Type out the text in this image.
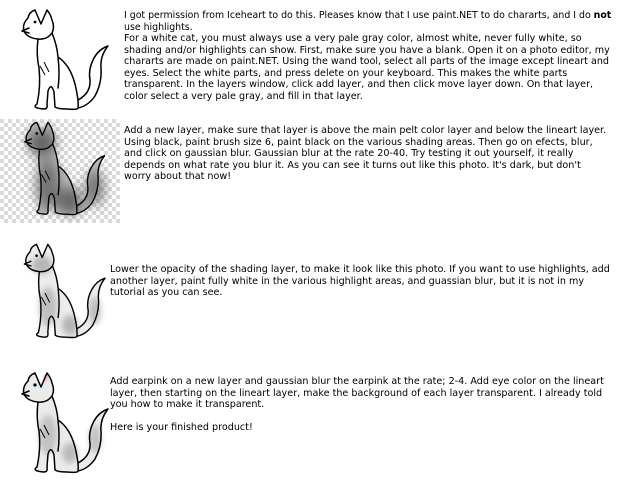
I got permission from Iceheart to do this. Pleases know that I use paint.NET to do chararts, and I do not use highlights.

For a white cat, you must always use a very pale gray color, almost white, never fully white, so shading and/or highlights can show. First, make sure you have a blank. Open it on a photo editor, my chararts are made on paint.NET. Using the wand tool, select all parts of the image except lineart and eyes. Select the white parts, and press delete on your keyboard. This makes the white parts transparent. In the layers window, click add layer, and then click move layer down. On that layer, color select a very pale gray, and fill in that layer.

Add a new layer, make sure that layer is above the main pelt color layer and below the lineart layer. Using black, paint brush size 6, paint black on the various shading areas. Then go on efects, blur, and click on gaussian blur. Gaussian blur at the rate 20-40. Try testing it out yourself, it really depends on what rate you blur it. As you can see it turns out like this photo. It's dark, but don't worry about that now!

Lower the opacity of the shading layer, to make it look like this photo. If you want to use highlights, add another layer, paint fully white in the various highlight areas, and guassian blur, but it is not in my tutorial as you can see.

Add earpink on a new layer and gaussian blur the earpink at the rate; 2-4. Add eye color on the lineart layer, then starting on the lineart layer, make the background of each layer transparent. I already told you how to make it transparent.

Here is your finished product!
